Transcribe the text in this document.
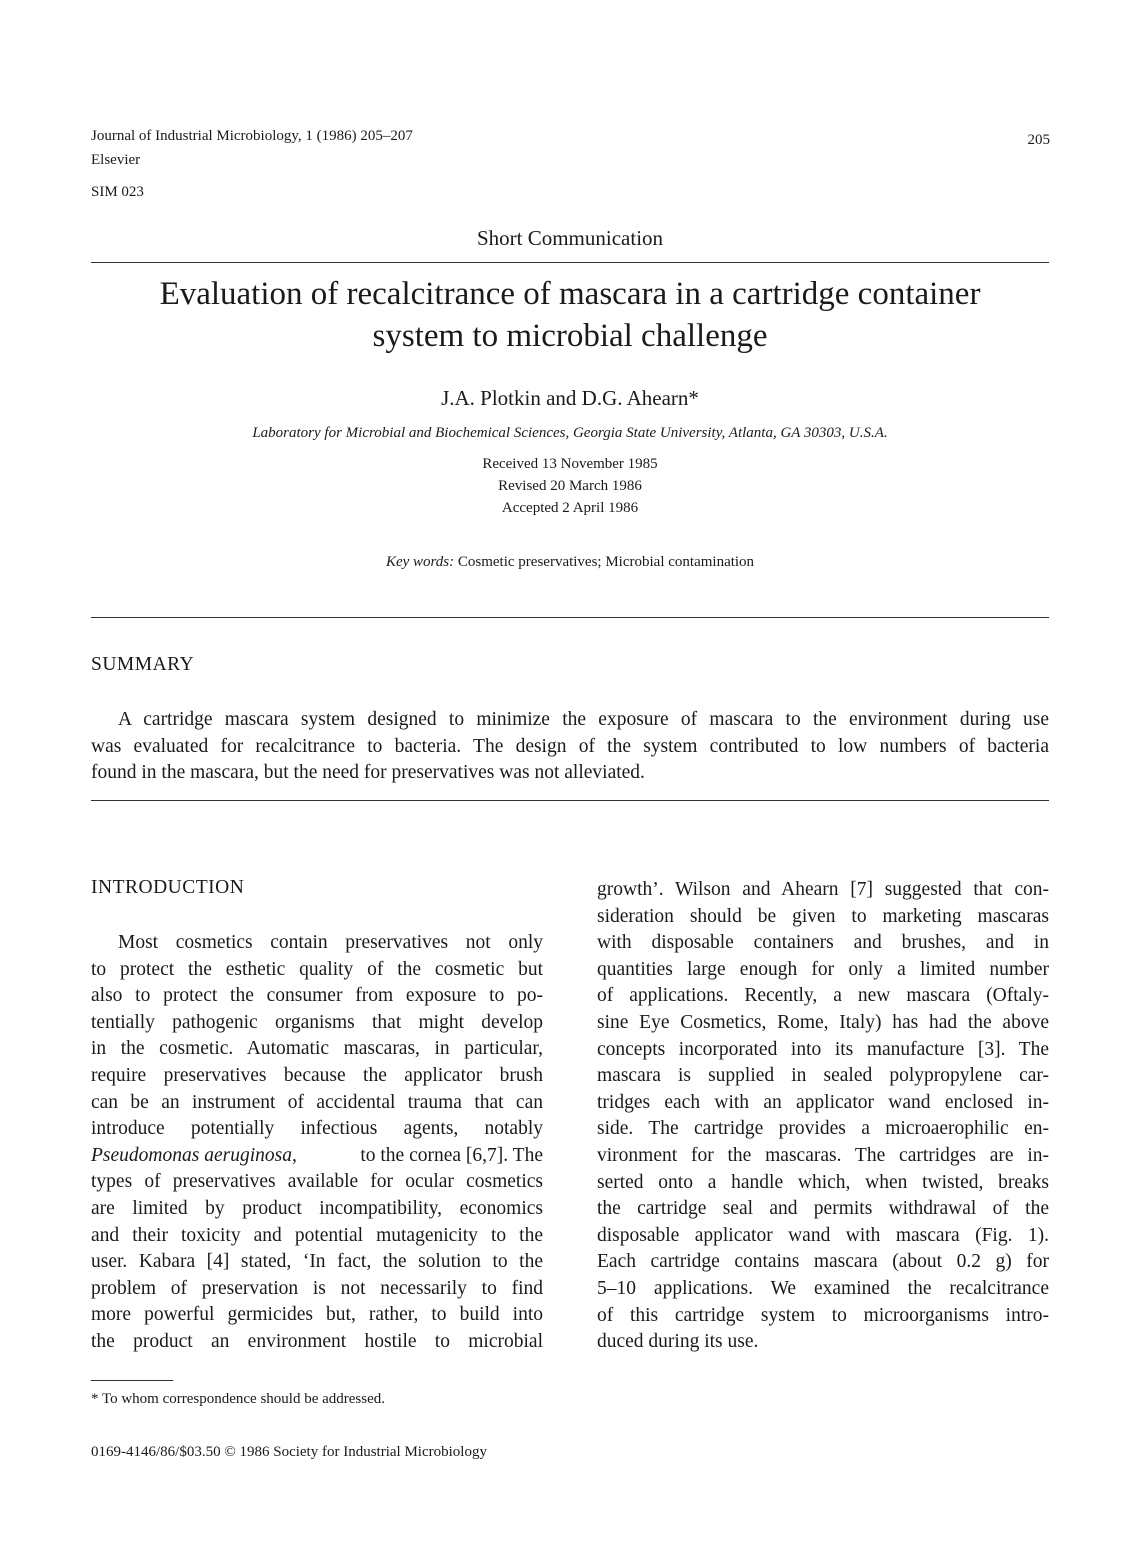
Journal of Industrial Microbiology, 1 (1986) 205–207
Elsevier
SIM 023
205
Short Communication
Evaluation of recalcitrance of mascara in a cartridge container
system to microbial challenge
J.A. Plotkin and D.G. Ahearn*
Laboratory for Microbial and Biochemical Sciences, Georgia State University, Atlanta, GA 30303, U.S.A.
Received 13 November 1985
Revised 20 March 1986
Accepted 2 April 1986
Key words: Cosmetic preservatives; Microbial contamination
SUMMARY
A cartridge mascara system designed to minimize the exposure of mascara to the environment during use
was evaluated for recalcitrance to bacteria. The design of the system contributed to low numbers of bacteria
found in the mascara, but the need for preservatives was not alleviated.
INTRODUCTION
Most cosmetics contain preservatives not only
to protect the esthetic quality of the cosmetic but
also to protect the consumer from exposure to po-
tentially pathogenic organisms that might develop
in the cosmetic. Automatic mascaras, in particular,
require preservatives because the applicator brush
can be an instrument of accidental trauma that can
introduce potentially infectious agents, notably
Pseudomonas aeruginosa,	to the cornea [6,7]. The
types of preservatives available for ocular cosmetics
are limited by product incompatibility, economics
and their toxicity and potential mutagenicity to the
user. Kabara [4] stated, ‘In fact, the solution to the
problem of preservation is not necessarily to find
more powerful germicides but, rather, to build into
the product an environment hostile to microbial
growth’. Wilson and Ahearn [7] suggested that con-
sideration should be given to marketing mascaras
with disposable containers and brushes, and in
quantities large enough for only a limited number
of applications. Recently, a new mascara (Oftaly-
sine Eye Cosmetics, Rome, Italy) has had the above
concepts incorporated into its manufacture [3]. The
mascara is supplied in sealed polypropylene car-
tridges each with an applicator wand enclosed in-
side. The cartridge provides a microaerophilic en-
vironment for the mascaras. The cartridges are in-
serted onto a handle which, when twisted, breaks
the cartridge seal and permits withdrawal of the
disposable applicator wand with mascara (Fig. 1).
Each cartridge contains mascara (about 0.2 g) for
5–10 applications. We examined the recalcitrance
of this cartridge system to microorganisms intro-
duced during its use.
* To whom correspondence should be addressed.
0169-4146/86/$03.50 © 1986 Society for Industrial Microbiology
